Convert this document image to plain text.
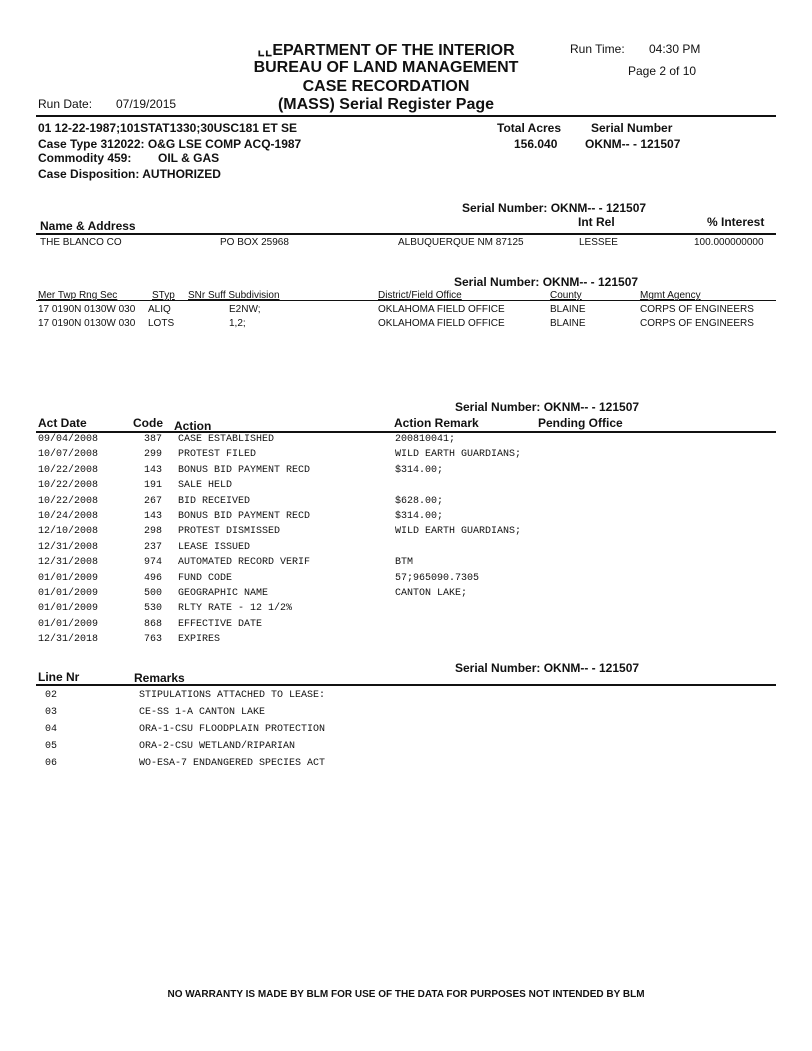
⌞⌞EPARTMENT OF THE INTERIOR
BUREAU OF LAND MANAGEMENT
CASE RECORDATION
(MASS) Serial Register Page
Run Time: 04:30 PM
Page 2 of 10
Run Date: 07/19/2015
01 12-22-1987;101STAT1330;30USC181 ET SE
Case Type 312022: O&G LSE COMP ACQ-1987
Commodity 459: OIL & GAS
Case Disposition: AUTHORIZED
Total Acres
156.040
Serial Number
OKNM-- - 121507
Serial Number: OKNM-- - 121507
Name & Address	Int Rel	% Interest
THE BLANCO CO	PO BOX 25968	ALBUQUERQUE NM 87125	LESSEE	100.000000000
Serial Number: OKNM-- - 121507
Mer Twp Rng Sec	STyp SNr Suff Subdivision	District/Field Office	County	Mgmt Agency
17 0190N 0130W 030 ALIQ	E2NW;	OKLAHOMA FIELD OFFICE	BLAINE	CORPS OF ENGINEERS
17 0190N 0130W 030 LOTS	1,2;	OKLAHOMA FIELD OFFICE	BLAINE	CORPS OF ENGINEERS
Serial Number: OKNM-- - 121507
Act Date	Code Action	Action Remark	Pending Office
09/04/2008	387 CASE ESTABLISHED	200810041;
10/07/2008	299 PROTEST FILED	WILD EARTH GUARDIANS;
10/22/2008	143 BONUS BID PAYMENT RECD	$314.00;
10/22/2008	191 SALE HELD
10/22/2008	267 BID RECEIVED	$628.00;
10/24/2008	143 BONUS BID PAYMENT RECD	$314.00;
12/10/2008	298 PROTEST DISMISSED	WILD EARTH GUARDIANS;
12/31/2008	237 LEASE ISSUED
12/31/2008	974 AUTOMATED RECORD VERIF	BTM
01/01/2009	496 FUND CODE	57;965090.7305
01/01/2009	500 GEOGRAPHIC NAME	CANTON LAKE;
01/01/2009	530 RLTY RATE - 12 1/2%
01/01/2009	868 EFFECTIVE DATE
12/31/2018	763 EXPIRES
Serial Number: OKNM-- - 121507
Line Nr	Remarks
02	STIPULATIONS ATTACHED TO LEASE:
03	CE-SS 1-A CANTON LAKE
04	ORA-1-CSU FLOODPLAIN PROTECTION
05	ORA-2-CSU WETLAND/RIPARIAN
06	WO-ESA-7 ENDANGERED SPECIES ACT
NO WARRANTY IS MADE BY BLM FOR USE OF THE DATA FOR PURPOSES NOT INTENDED BY BLM
